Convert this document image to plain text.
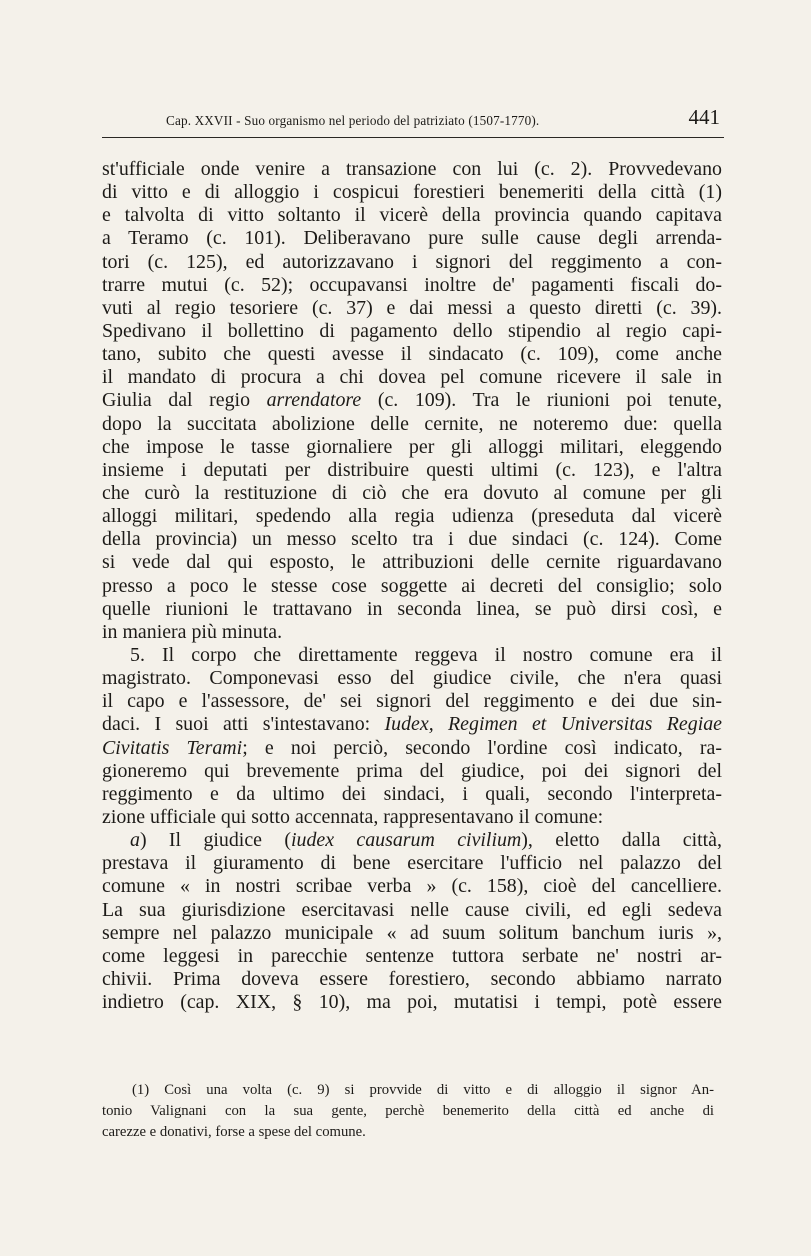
Cap. XXVII - Suo organismo nel periodo del patriziato (1507-1770).	441
st'ufficiale onde venire a transazione con lui (c. 2). Provvedevano
di vitto e di alloggio i cospicui forestieri benemeriti della città (1)
e talvolta di vitto soltanto il vicerè della provincia quando capitava
a Teramo (c. 101). Deliberavano pure sulle cause degli arrenda-
tori (c. 125), ed autorizzavano i signori del reggimento a con-
trarre mutui (c. 52); occupavansi inoltre de' pagamenti fiscali do-
vuti al regio tesoriere (c. 37) e dai messi a questo diretti (c. 39).
Spedivano il bollettino di pagamento dello stipendio al regio capi-
tano, subito che questi avesse il sindacato (c. 109), come anche
il mandato di procura a chi dovea pel comune ricevere il sale in
Giulia dal regio arrendatore (c. 109). Tra le riunioni poi tenute,
dopo la succitata abolizione delle cernite, ne noteremo due: quella
che impose le tasse giornaliere per gli alloggi militari, eleggendo
insieme i deputati per distribuire questi ultimi (c. 123), e l'altra
che curò la restituzione di ciò che era dovuto al comune per gli
alloggi militari, spedendo alla regia udienza (preseduta dal vicerè
della provincia) un messo scelto tra i due sindaci (c. 124). Come
si vede dal qui esposto, le attribuzioni delle cernite riguardavano
presso a poco le stesse cose soggette ai decreti del consiglio; solo
quelle riunioni le trattavano in seconda linea, se può dirsi così, e
in maniera più minuta.
5. Il corpo che direttamente reggeva il nostro comune era il
magistrato. Componevasi esso del giudice civile, che n'era quasi
il capo e l'assessore, de' sei signori del reggimento e dei due sin-
daci. I suoi atti s'intestavano: Iudex, Regimen et Universitas Regiae
Civitatis Terami; e noi perciò, secondo l'ordine così indicato, ra-
gioneremo qui brevemente prima del giudice, poi dei signori del
reggimento e da ultimo dei sindaci, i quali, secondo l'interpreta-
zione ufficiale qui sotto accennata, rappresentavano il comune:
a) Il giudice (iudex causarum civilium), eletto dalla città,
prestava il giuramento di bene esercitare l'ufficio nel palazzo del
comune « in nostri scribae verba » (c. 158), cioè del cancelliere.
La sua giurisdizione esercitavasi nelle cause civili, ed egli sedeva
sempre nel palazzo municipale « ad suum solitum banchum iuris »,
come leggesi in parecchie sentenze tuttora serbate ne' nostri ar-
chivii. Prima doveva essere forestiero, secondo abbiamo narrato
indietro (cap. XIX, § 10), ma poi, mutatisi i tempi, potè essere
(1) Così una volta (c. 9) si provvide di vitto e di alloggio il signor An-
tonio Valignani con la sua gente, perchè benemerito della città ed anche di
carezze e donativi, forse a spese del comune.
